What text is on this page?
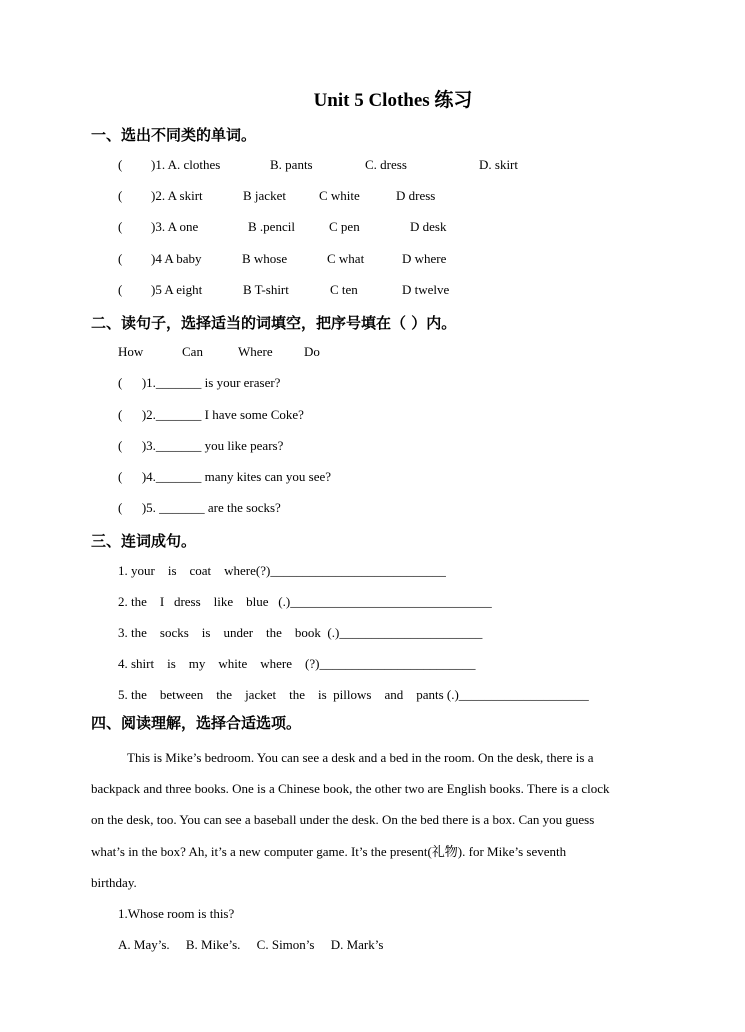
Unit 5 Clothes 练习
一、选出不同类的单词。
( )1. A. clothes	B. pants	C. dress	D. skirt
( )2. A skirt	B jacket	C white	D dress
( )3. A one	B .pencil	C pen	D desk
( )4 A baby	B whose	C what	D where
( )5 A eight	B T-shirt	C ten	D twelve
二、读句子，选择适当的词填空，把序号填在（ ）内。
How	Can	Where Do
(      )1._______ is your eraser?
(      )2._______ I have some Coke?
(      )3._______ you like pears?
(      )4._______ many kites can you see?
(      )5. _______ are the socks?
三、连词成句。
1. your    is    coat    where(?)___________________________
2. the    I   dress    like    blue   (.)_______________________________
3. the    socks    is    under    the    book  (.)______________________
4. shirt    is    my    white    where    (?)________________________
5. the    between    the    jacket    the    is  pillows    and    pants (.)____________________
四、阅读理解，选择合适选项。
This is Mike’s bedroom. You can see a desk and a bed in the room. On the desk, there is a
backpack and three books. One is a Chinese book, the other two are English books. There is a clock
on the desk, too. You can see a baseball under the desk. On the bed there is a box. Can you guess
what’s in the box? Ah, it’s a new computer game. It’s the present(礼物). for Mike’s seventh
birthday.
1.Whose room is this?
A. May’s.     B. Mike’s.     C. Simon’s     D. Mark’s
